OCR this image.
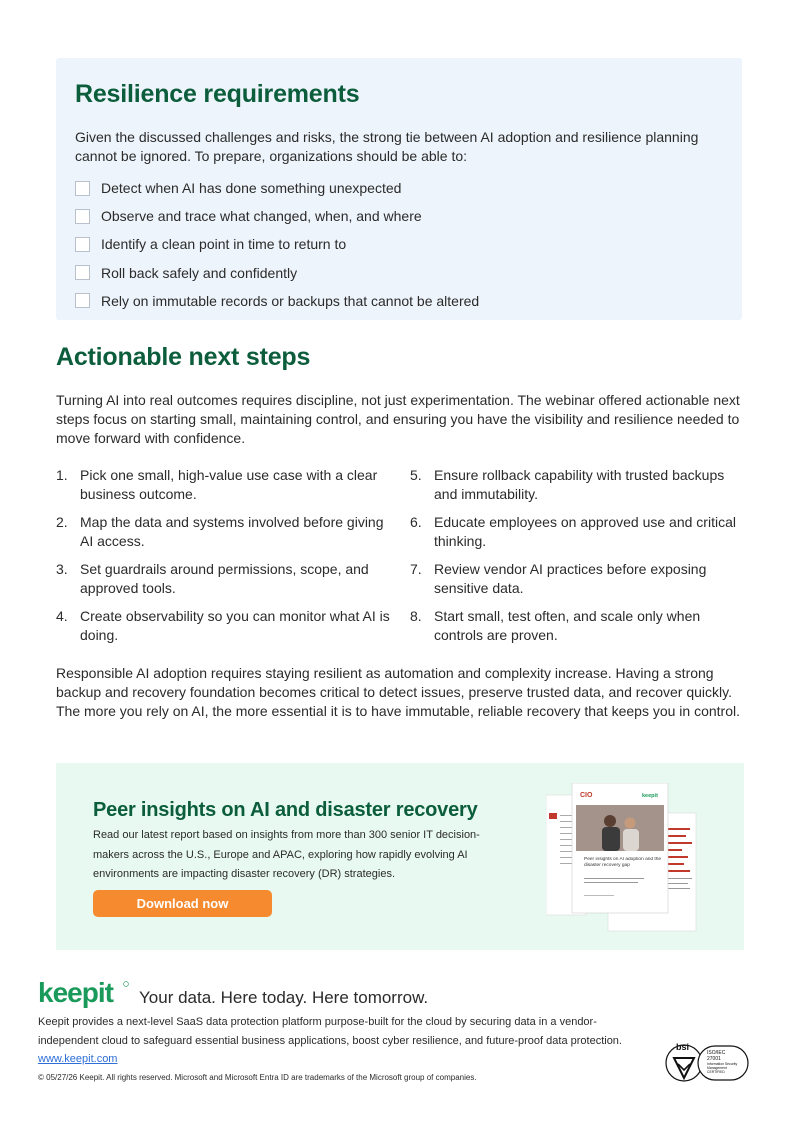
Resilience requirements

Given the discussed challenges and risks, the strong tie between AI adoption and resilience planning cannot be ignored. To prepare, organizations should be able to:

Detect when AI has done something unexpected
Observe and trace what changed, when, and where
Identify a clean point in time to return to
Roll back safely and confidently
Rely on immutable records or backups that cannot be altered
Actionable next steps

Turning AI into real outcomes requires discipline, not just experimentation. The webinar offered actionable next steps focus on starting small, maintaining control, and ensuring you have the visibility and resilience needed to move forward with confidence.

1. Pick one small, high-value use case with a clear business outcome.
2. Map the data and systems involved before giving AI access.
3. Set guardrails around permissions, scope, and approved tools.
4. Create observability so you can monitor what AI is doing.
5. Ensure rollback capability with trusted backups and immutability.
6. Educate employees on approved use and critical thinking.
7. Review vendor AI practices before exposing sensitive data.
8. Start small, test often, and scale only when controls are proven.

Responsible AI adoption requires staying resilient as automation and complexity increase. Having a strong backup and recovery foundation becomes critical to detect issues, preserve trusted data, and recover quickly. The more you rely on AI, the more essential it is to have immutable, reliable recovery that keeps you in control.

Peer insights on AI and disaster recovery

Read our latest report based on insights from more than 300 senior IT decision-makers across the U.S., Europe and APAC, exploring how rapidly evolving AI environments are impacting disaster recovery (DR) strategies.

Download now
CIO	keepit
Peer insights on AI adoption and the disaster recovery gap
keepit Your data. Here today. Here tomorrow.

Keepit provides a next-level SaaS data protection platform purpose-built for the cloud by securing data in a vendor-independent cloud to safeguard essential business applications, boost cyber resilience, and future-proof data protection. www.keepit.com

© 05/27/26 Keepit. All rights reserved. Microsoft and Microsoft Entra ID are trademarks of the Microsoft group of companies.
bsi
ISO/IEC
27001
Information Security
Management
CERTIFIED
